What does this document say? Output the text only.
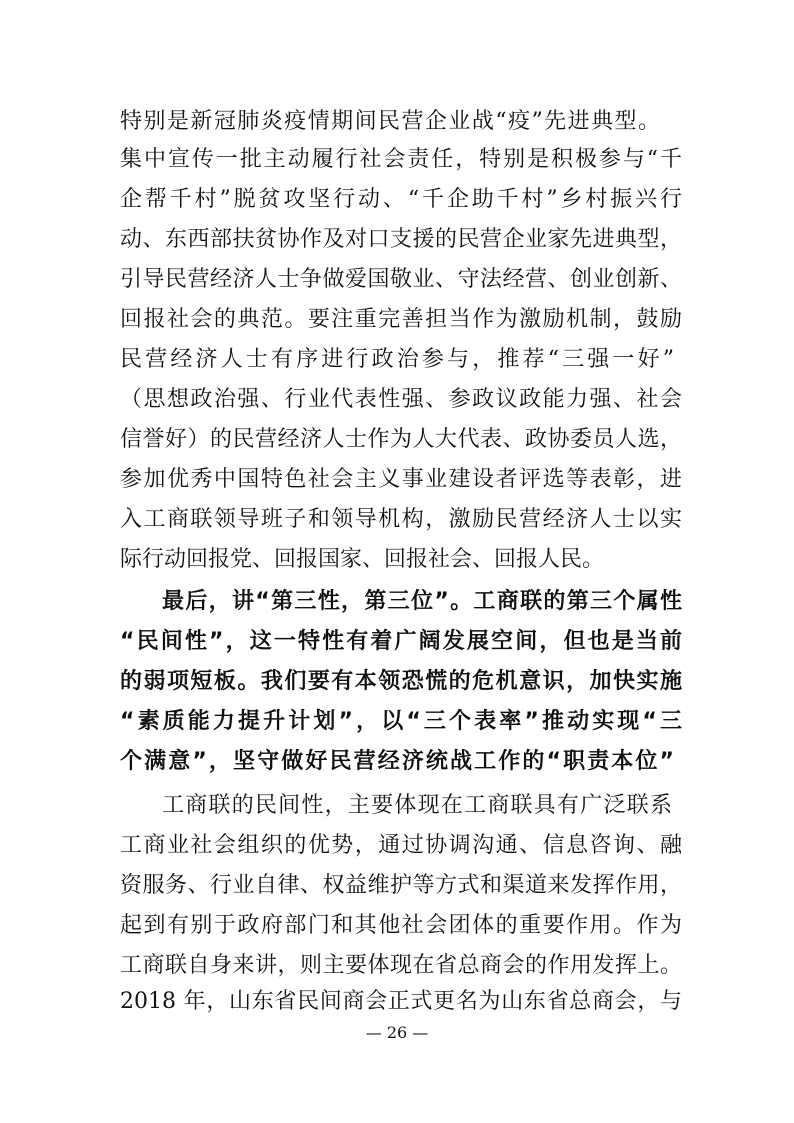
特别是新冠肺炎疫情期间民营企业战“疫”先进典型。
集中宣传一批主动履行社会责任，特别是积极参与“千
企帮千村”脱贫攻坚行动、“千企助千村”乡村振兴行
动、东西部扶贫协作及对口支援的民营企业家先进典型，
引导民营经济人士争做爱国敬业、守法经营、创业创新、
回报社会的典范。要注重完善担当作为激励机制，鼓励
民营经济人士有序进行政治参与，推荐“三强一好”
（思想政治强、行业代表性强、参政议政能力强、社会
信誉好）的民营经济人士作为人大代表、政协委员人选，
参加优秀中国特色社会主义事业建设者评选等表彰，进
入工商联领导班子和领导机构，激励民营经济人士以实
际行动回报党、回报国家、回报社会、回报人民。
最后，讲“第三性，第三位”。工商联的第三个属性
“民间性”，这一特性有着广阔发展空间，但也是当前
的弱项短板。我们要有本领恐慌的危机意识，加快实施
“素质能力提升计划”，以“三个表率”推动实现“三
个满意”，坚守做好民营经济统战工作的“职责本位”
工商联的民间性，主要体现在工商联具有广泛联系
工商业社会组织的优势，通过协调沟通、信息咨询、融
资服务、行业自律、权益维护等方式和渠道来发挥作用，
起到有别于政府部门和其他社会团体的重要作用。作为
工商联自身来讲，则主要体现在省总商会的作用发挥上。
2018 年，山东省民间商会正式更名为山东省总商会，与
— 26 —
